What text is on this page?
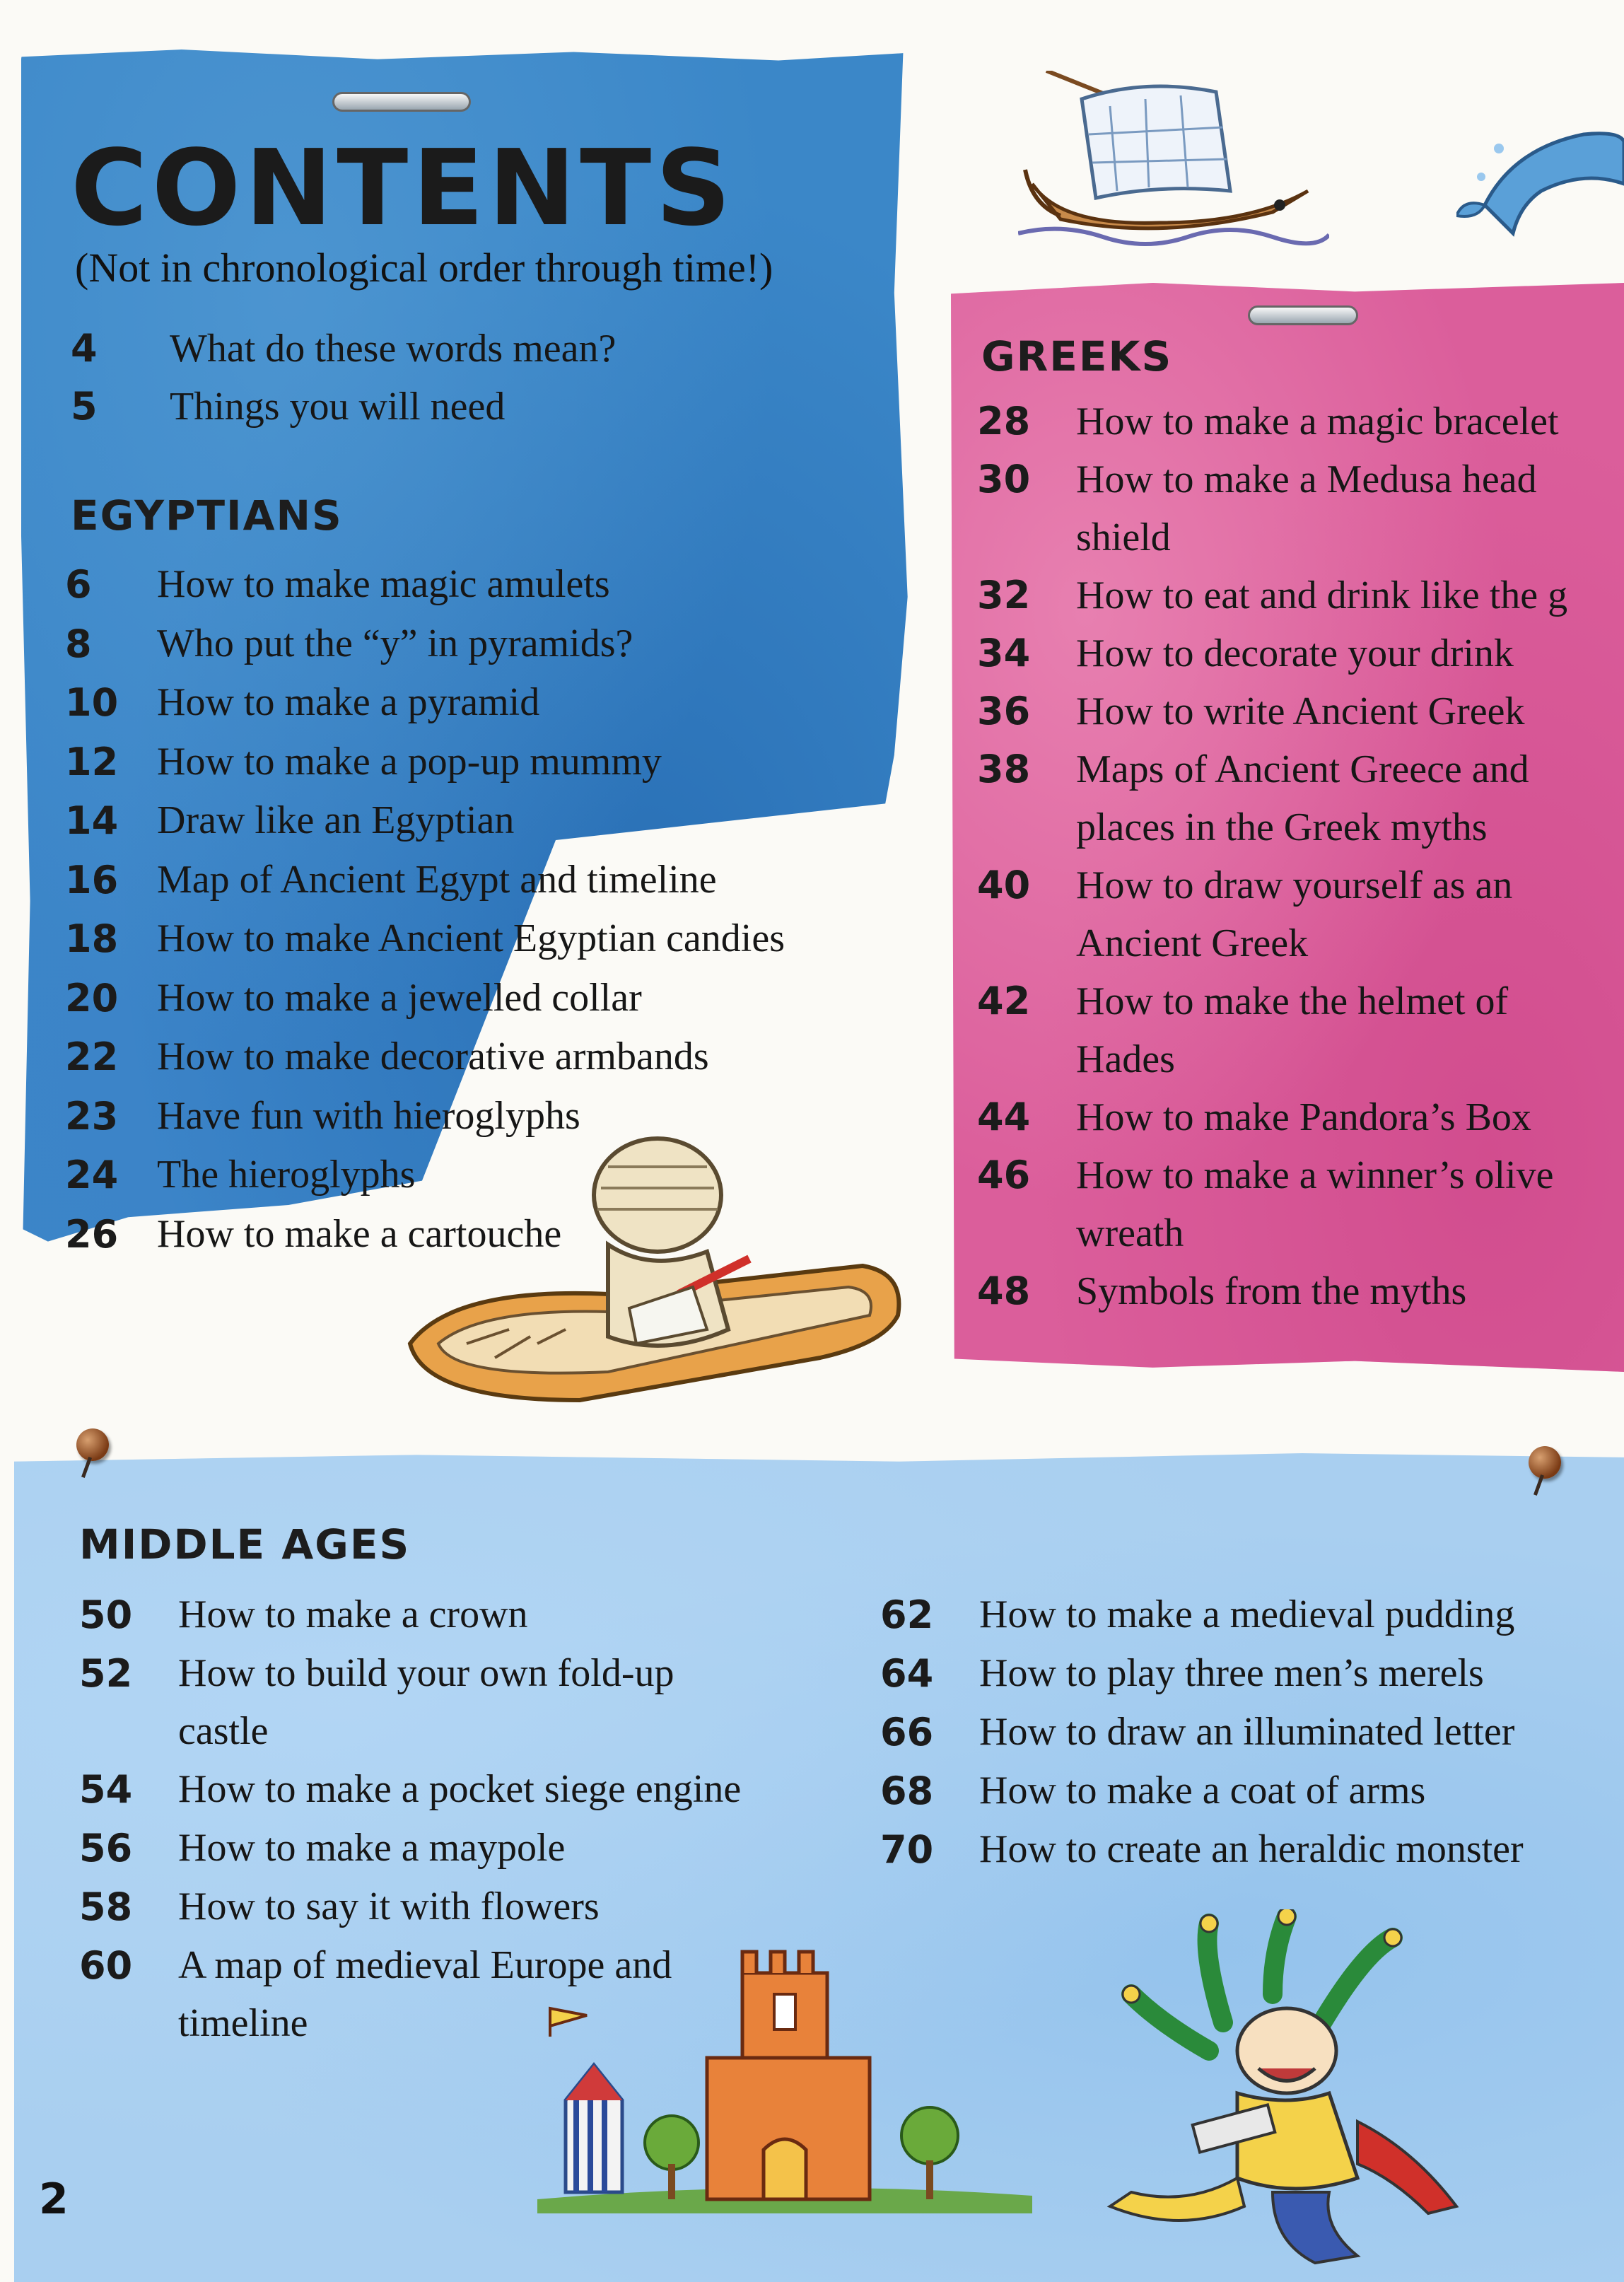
CONTENTS
(Not in chronological order through time!)
4	What do these words mean?
5	Things you will need
EGYPTIANS
6	How to make magic amulets
8	Who put the “y” in pyramids?
10 How to make a pyramid
12 How to make a pop-up mummy
14 Draw like an Egyptian
16 Map of Ancient Egypt and timeline
18 How to make Ancient Egyptian candies
20 How to make a jewelled collar
22 How to make decorative armbands
23 Have fun with hieroglyphs
24 The hieroglyphs
26 How to make a cartouche
GREEKS
28	How to make a magic bracelet
30	How to make a Medusa head shield
32	How to eat and drink like the g
34	How to decorate your drink
36	How to write Ancient Greek
38	Maps of Ancient Greece and places in the Greek myths
40	How to draw yourself as an Ancient Greek
42	How to make the helmet of Hades
44	How to make Pandora’s Box
46	How to make a winner’s olive wreath
48	Symbols from the myths
MIDDLE AGES
50	How to make a crown
52	How to build your own fold-up castle
54	How to make a pocket siege engine
56	How to make a maypole
58	How to say it with flowers
60	A map of medieval Europe and timeline
62	How to make a medieval pudding
64	How to play three men’s merels
66	How to draw an illuminated letter
68	How to make a coat of arms
70	How to create an heraldic monster
2
